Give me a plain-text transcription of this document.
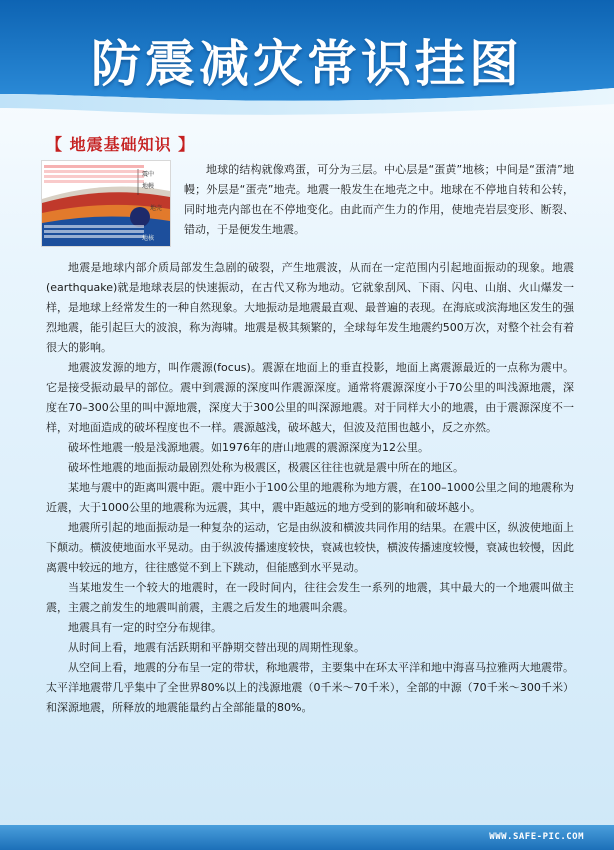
防震减灾常识挂图
【 地震基础知识 】
震中
地幔
地壳
地核

地球的结构就像鸡蛋，可分为三层。中心层是“蛋黄”地核；中间是“蛋清”地幔；外层是“蛋壳”地壳。地震一般发生在地壳之中。地球在不停地自转和公转，同时地壳内部也在不停地变化。由此而产生力的作用，使地壳岩层变形、断裂、错动，于是便发生地震。

地震是地球内部介质局部发生急剧的破裂，产生地震波，从而在一定范围内引起地面振动的现象。地震(earthquake)就是地球表层的快速振动，在古代又称为地动。它就象刮风、下雨、闪电、山崩、火山爆发一样，是地球上经常发生的一种自然现象。大地振动是地震最直观、最普遍的表现。在海底或滨海地区发生的强烈地震，能引起巨大的波浪，称为海啸。地震是极其频繁的，全球每年发生地震约500万次，对整个社会有着很大的影响。

地震波发源的地方，叫作震源(focus)。震源在地面上的垂直投影，地面上离震源最近的一点称为震中。它是接受振动最早的部位。震中到震源的深度叫作震源深度。通常将震源深度小于70公里的叫浅源地震，深度在70–300公里的叫中源地震，深度大于300公里的叫深源地震。对于同样大小的地震，由于震源深度不一样，对地面造成的破坏程度也不一样。震源越浅，破坏越大，但波及范围也越小，反之亦然。

破坏性地震一般是浅源地震。如1976年的唐山地震的震源深度为12公里。

破坏性地震的地面振动最剧烈处称为极震区，极震区往往也就是震中所在的地区。

某地与震中的距离叫震中距。震中距小于100公里的地震称为地方震，在100–1000公里之间的地震称为近震，大于1000公里的地震称为远震，其中，震中距越远的地方受到的影响和破坏越小。

地震所引起的地面振动是一种复杂的运动，它是由纵波和横波共同作用的结果。在震中区，纵波使地面上下颠动。横波使地面水平晃动。由于纵波传播速度较快，衰减也较快，横波传播速度较慢，衰减也较慢，因此离震中较远的地方，往往感觉不到上下跳动，但能感到水平晃动。

当某地发生一个较大的地震时，在一段时间内，往往会发生一系列的地震，其中最大的一个地震叫做主震，主震之前发生的地震叫前震，主震之后发生的地震叫余震。

地震具有一定的时空分布规律。

从时间上看，地震有活跃期和平静期交替出现的周期性现象。

从空间上看，地震的分布呈一定的带状，称地震带，主要集中在环太平洋和地中海喜马拉雅两大地震带。太平洋地震带几乎集中了全世界80%以上的浅源地震（0千米～70千米），全部的中源（70千米～300千米）和深源地震，所释放的地震能量约占全部能量的80%。

WWW.SAFE-PIC.COM
